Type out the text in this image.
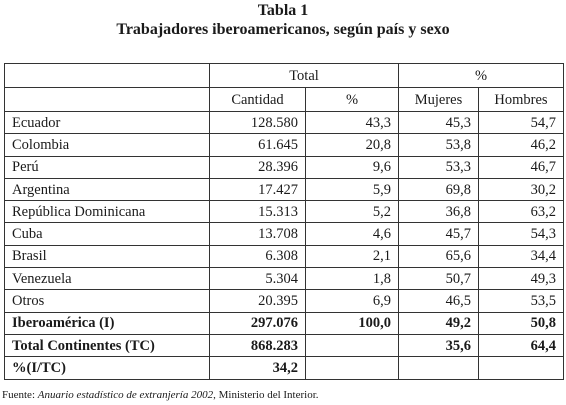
Tabla 1
Trabajadores iberoamericanos, según país y sexo
	Total		%	
	Cantidad	%	Mujeres	Hombres
Ecuador	128.580	43,3	45,3	54,7
Colombia	61.645	20,8	53,8	46,2
Perú	28.396	9,6	53,3	46,7
Argentina	17.427	5,9	69,8	30,2
República Dominicana	15.313	5,2	36,8	63,2
Cuba	13.708	4,6	45,7	54,3
Brasil	6.308	2,1	65,6	34,4
Venezuela	5.304	1,8	50,7	49,3
Otros	20.395	6,9	46,5	53,5
Iberoamérica (I)	297.076	100,0	49,2	50,8
Total Continentes (TC)	868.283		35,6	64,4
%(I/TC)	34,2			
Fuente: Anuario estadístico de extranjería 2002, Ministerio del Interior.
